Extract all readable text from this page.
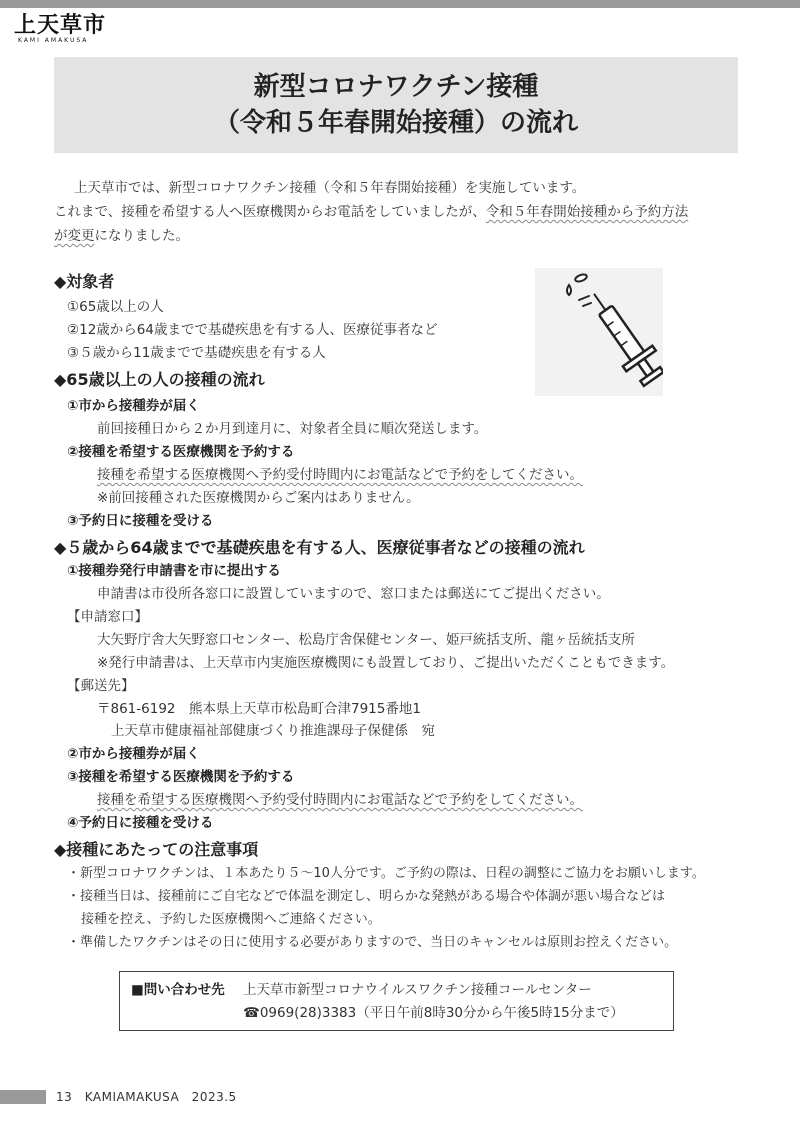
上天草市
KAMI AMAKUSA
新型コロナワクチン接種
（令和５年春開始接種）の流れ
上天草市では、新型コロナワクチン接種（令和５年春開始接種）を実施しています。
これまで、接種を希望する人へ医療機関からお電話をしていましたが、令和５年春開始接種から予約方法
が変更になりました。
◆対象者
①65歳以上の人
②12歳から64歳までで基礎疾患を有する人、医療従事者など
③５歳から11歳までで基礎疾患を有する人
◆65歳以上の人の接種の流れ
①市から接種券が届く
前回接種日から２か月到達月に、対象者全員に順次発送します。
②接種を希望する医療機関を予約する
接種を希望する医療機関へ予約受付時間内にお電話などで予約をしてください。
※前回接種された医療機関からご案内はありません。
③予約日に接種を受ける
◆５歳から64歳までで基礎疾患を有する人、医療従事者などの接種の流れ
①接種券発行申請書を市に提出する
申請書は市役所各窓口に設置していますので、窓口または郵送にてご提出ください。
【申請窓口】
大矢野庁舎大矢野窓口センター、松島庁舎保健センター、姫戸統括支所、龍ヶ岳統括支所
※発行申請書は、上天草市内実施医療機関にも設置しており、ご提出いただくこともできます。
【郵送先】
〒861-6192　熊本県上天草市松島町合津7915番地1
上天草市健康福祉部健康づくり推進課母子保健係　宛
②市から接種券が届く
③接種を希望する医療機関を予約する
接種を希望する医療機関へ予約受付時間内にお電話などで予約をしてください。
④予約日に接種を受ける
◆接種にあたっての注意事項
・新型コロナワクチンは、１本あたり５～10人分です。ご予約の際は、日程の調整にご協力をお願いします。
・接種当日は、接種前にご自宅などで体温を測定し、明らかな発熱がある場合や体調が悪い場合などは
接種を控え、予約した医療機関へご連絡ください。
・準備したワクチンはその日に使用する必要がありますので、当日のキャンセルは原則お控えください。
■問い合わせ先 上天草市新型コロナウイルスワクチン接種コールセンター
☎0969(28)3383（平日午前8時30分から午後5時15分まで）
13　KAMIAMAKUSA　2023.5
